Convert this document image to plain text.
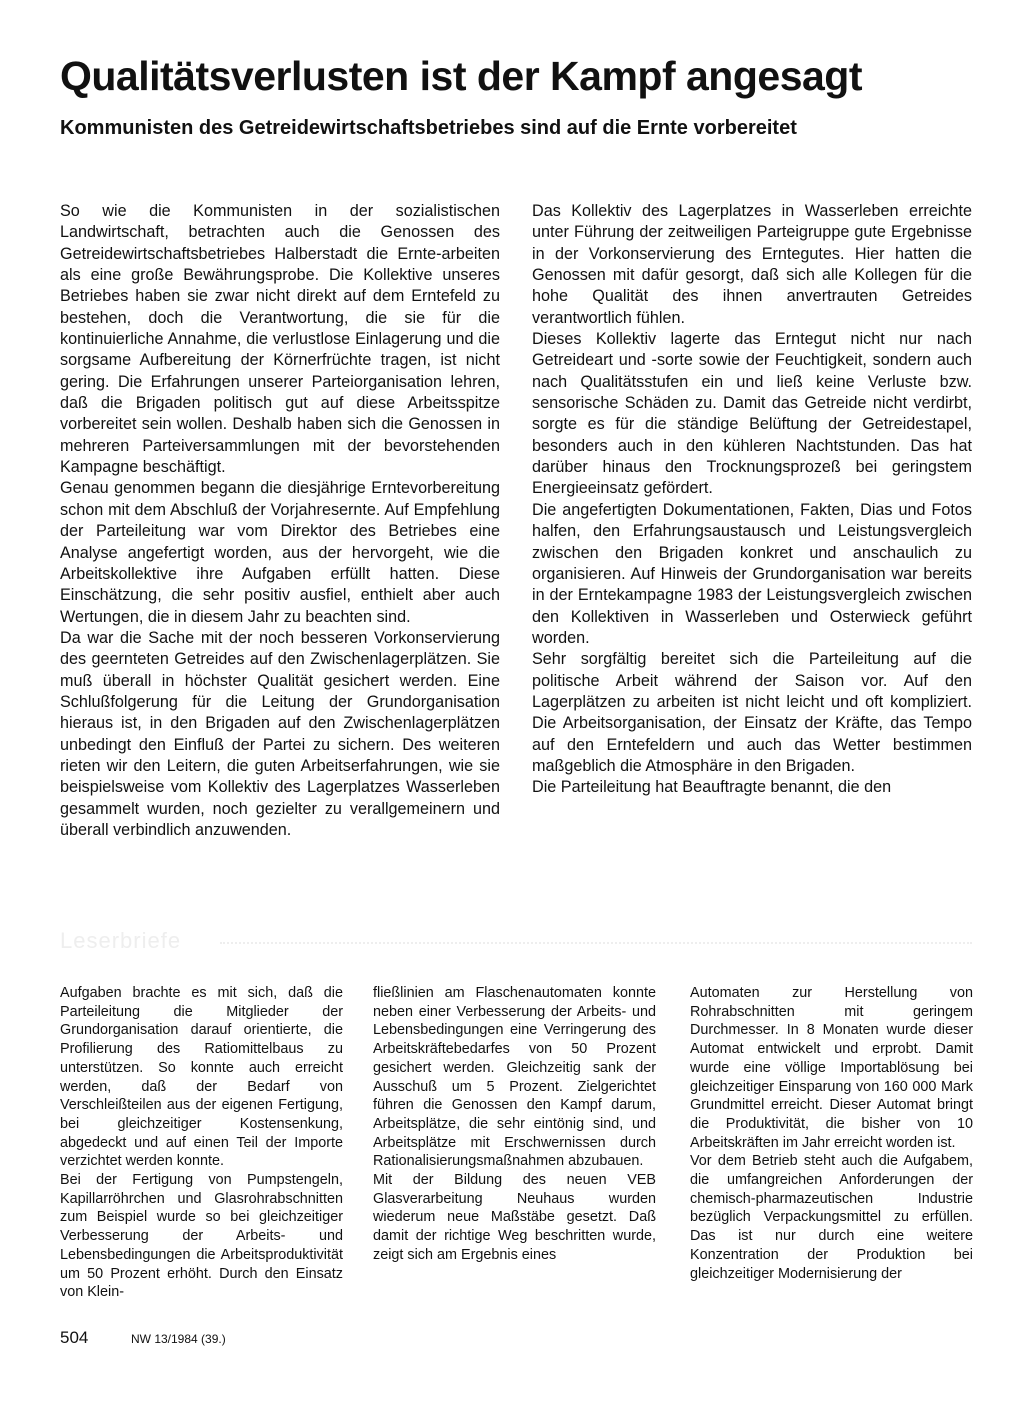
Qualitätsverlusten ist der Kampf angesagt
Kommunisten des Getreidewirtschaftsbetriebes sind auf die Ernte vorbereitet

So wie die Kommunisten in der sozialistischen Landwirtschaft, betrachten auch die Genossen des Getreidewirtschaftsbetriebes Halberstadt die Ernte-arbeiten als eine große Bewährungsprobe. Die Kollektive unseres Betriebes haben sie zwar nicht direkt auf dem Erntefeld zu bestehen, doch die Verantwortung, die sie für die kontinuierliche Annahme, die verlustlose Einlagerung und die sorgsame Aufbereitung der Körnerfrüchte tragen, ist nicht gering. Die Erfahrungen unserer Parteiorganisation lehren, daß die Brigaden politisch gut auf diese Arbeitsspitze vorbereitet sein wollen. Deshalb haben sich die Genossen in mehreren Parteiversammlungen mit der bevorstehenden Kampagne beschäftigt.

Genau genommen begann die diesjährige Erntevorbereitung schon mit dem Abschluß der Vorjahresernte. Auf Empfehlung der Parteileitung war vom Direktor des Betriebes eine Analyse angefertigt worden, aus der hervorgeht, wie die Arbeitskollektive ihre Aufgaben erfüllt hatten. Diese Einschätzung, die sehr positiv ausfiel, enthielt aber auch Wertungen, die in diesem Jahr zu beachten sind.

Da war die Sache mit der noch besseren Vorkonservierung des geernteten Getreides auf den Zwischenlagerplätzen. Sie muß überall in höchster Qualität gesichert werden. Eine Schlußfolgerung für die Leitung der Grundorganisation hieraus ist, in den Brigaden auf den Zwischenlagerplätzen unbedingt den Einfluß der Partei zu sichern. Des weiteren rieten wir den Leitern, die guten Arbeitserfahrungen, wie sie beispielsweise vom Kollektiv des Lagerplatzes Wasserleben gesammelt wurden, noch gezielter zu verallgemeinern und überall verbindlich anzuwenden.

Das Kollektiv des Lagerplatzes in Wasserleben erreichte unter Führung der zeitweiligen Parteigruppe gute Ergebnisse in der Vorkonservierung des Erntegutes. Hier hatten die Genossen mit dafür gesorgt, daß sich alle Kollegen für die hohe Qualität des ihnen anvertrauten Getreides verantwortlich fühlen.

Dieses Kollektiv lagerte das Erntegut nicht nur nach Getreideart und -sorte sowie der Feuchtigkeit, sondern auch nach Qualitätsstufen ein und ließ keine Verluste bzw. sensorische Schäden zu. Damit das Getreide nicht verdirbt, sorgte es für die ständige Belüftung der Getreidestapel, besonders auch in den kühleren Nachtstunden. Das hat darüber hinaus den Trocknungsprozeß bei geringstem Energieeinsatz gefördert.

Die angefertigten Dokumentationen, Fakten, Dias und Fotos halfen, den Erfahrungsaustausch und Leistungsvergleich zwischen den Brigaden konkret und anschaulich zu organisieren. Auf Hinweis der Grundorganisation war bereits in der Erntekampagne 1983 der Leistungsvergleich zwischen den Kollektiven in Wasserleben und Osterwieck geführt worden.

Sehr sorgfältig bereitet sich die Parteileitung auf die politische Arbeit während der Saison vor. Auf den Lagerplätzen zu arbeiten ist nicht leicht und oft kompliziert. Die Arbeitsorganisation, der Einsatz der Kräfte, das Tempo auf den Erntefeldern und auch das Wetter bestimmen maßgeblich die Atmosphäre in den Brigaden.

Die Parteileitung hat Beauftragte benannt, die den

Leserbriefe

Aufgaben brachte es mit sich, daß die Parteileitung die Mitglieder der Grundorganisation darauf orientierte, die Profilierung des Ratiomittelbaus zu unterstützen. So konnte auch erreicht werden, daß der Bedarf von Verschleißteilen aus der eigenen Fertigung, bei gleichzeitiger Kostensenkung, abgedeckt und auf einen Teil der Importe verzichtet werden konnte.

Bei der Fertigung von Pumpstengeln, Kapillarröhrchen und Glasrohrabschnitten zum Beispiel wurde so bei gleichzeitiger Verbesserung der Arbeits- und Lebensbedingungen die Arbeitsproduktivität um 50 Prozent erhöht. Durch den Einsatz von Klein-

fließlinien am Flaschenautomaten konnte neben einer Verbesserung der Arbeits- und Lebensbedingungen eine Verringerung des Arbeitskräftebedarfes von 50 Prozent gesichert werden. Gleichzeitig sank der Ausschuß um 5 Prozent. Zielgerichtet führen die Genossen den Kampf darum, Arbeitsplätze, die sehr eintönig sind, und Arbeitsplätze mit Erschwernissen durch Rationalisierungsmaßnahmen abzubauen.

Mit der Bildung des neuen VEB Glasverarbeitung Neuhaus wurden wiederum neue Maßstäbe gesetzt. Daß damit der richtige Weg beschritten wurde, zeigt sich am Ergebnis eines

Automaten zur Herstellung von Rohrabschnitten mit geringem Durchmesser. In 8 Monaten wurde dieser Automat entwickelt und erprobt. Damit wurde eine völlige Importablösung bei gleichzeitiger Einsparung von 160 000 Mark Grundmittel erreicht. Dieser Automat bringt die Produktivität, die bisher von 10 Arbeitskräften im Jahr erreicht worden ist.

Vor dem Betrieb steht auch die Aufgabem, die umfangreichen Anforderungen der chemisch-pharmazeutischen Industrie bezüglich Verpackungsmittel zu erfüllen. Das ist nur durch eine weitere Konzentration der Produktion bei gleichzeitiger Modernisierung der

504	NW 13/1984 (39.)
